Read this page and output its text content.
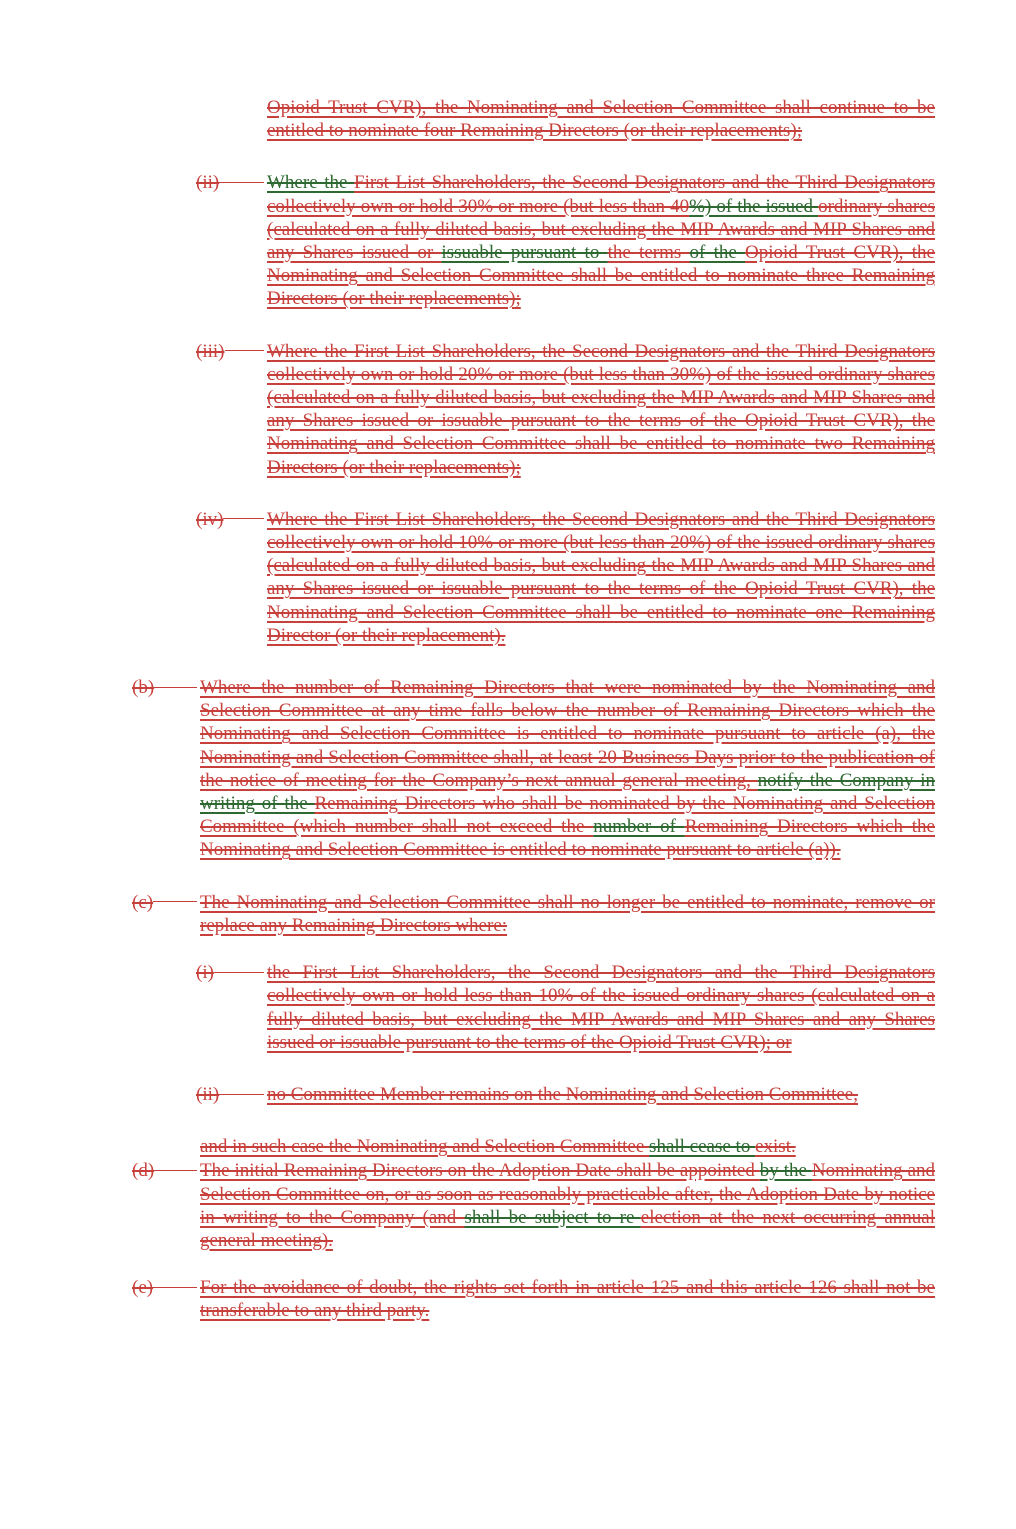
Opioid Trust CVR), the Nominating and Selection Committee shall continue to be entitled to nominate four Remaining Directors (or their replacements);
(ii)	Where the First List Shareholders, the Second Designators and the Third Designators collectively own or hold 30% or more (but less than 40%) of the issued ordinary shares (calculated on a fully diluted basis, but excluding the MIP Awards and MIP Shares and any Shares issued or issuable pursuant to the terms of the Opioid Trust CVR), the Nominating and Selection Committee shall be entitled to nominate three Remaining Directors (or their replacements);
(iii) Where the First List Shareholders, the Second Designators and the Third Designators collectively own or hold 20% or more (but less than 30%) of the issued ordinary shares (calculated on a fully diluted basis, but excluding the MIP Awards and MIP Shares and any Shares issued or issuable pursuant to the terms of the Opioid Trust CVR), the Nominating and Selection Committee shall be entitled to nominate two Remaining Directors (or their replacements);
(iv) Where the First List Shareholders, the Second Designators and the Third Designators collectively own or hold 10% or more (but less than 20%) of the issued ordinary shares (calculated on a fully diluted basis, but excluding the MIP Awards and MIP Shares and any Shares issued or issuable pursuant to the terms of the Opioid Trust CVR), the Nominating and Selection Committee shall be entitled to nominate one Remaining Director (or their replacement).
(b) Where the number of Remaining Directors that were nominated by the Nominating and Selection Committee at any time falls below the number of Remaining Directors which the Nominating and Selection Committee is entitled to nominate pursuant to article (a), the Nominating and Selection Committee shall, at least 20 Business Days prior to the publication of the notice of meeting for the Company’s next annual general meeting, notify the Company in writing of the Remaining Directors who shall be nominated by the Nominating and Selection Committee (which number shall not exceed the number of Remaining Directors which the Nominating and Selection Committee is entitled to nominate pursuant to article (a)).
(c) The Nominating and Selection Committee shall no longer be entitled to nominate, remove or replace any Remaining Directors where:
(i)	the First List Shareholders, the Second Designators and the Third Designators collectively own or hold less than 10% of the issued ordinary shares (calculated on a fully diluted basis, but excluding the MIP Awards and MIP Shares and any Shares issued or issuable pursuant to the terms of the Opioid Trust CVR); or
(ii)	no Committee Member remains on the Nominating and Selection Committee,
and in such case the Nominating and Selection Committee shall cease to exist.
(d) The initial Remaining Directors on the Adoption Date shall be appointed by the Nominating and Selection Committee on, or as soon as reasonably practicable after, the Adoption Date by notice in writing to the Company (and shall be subject to re-election at the next occurring annual general meeting).
(e) For the avoidance of doubt, the rights set forth in article 125 and this article 126 shall not be transferable to any third party.
